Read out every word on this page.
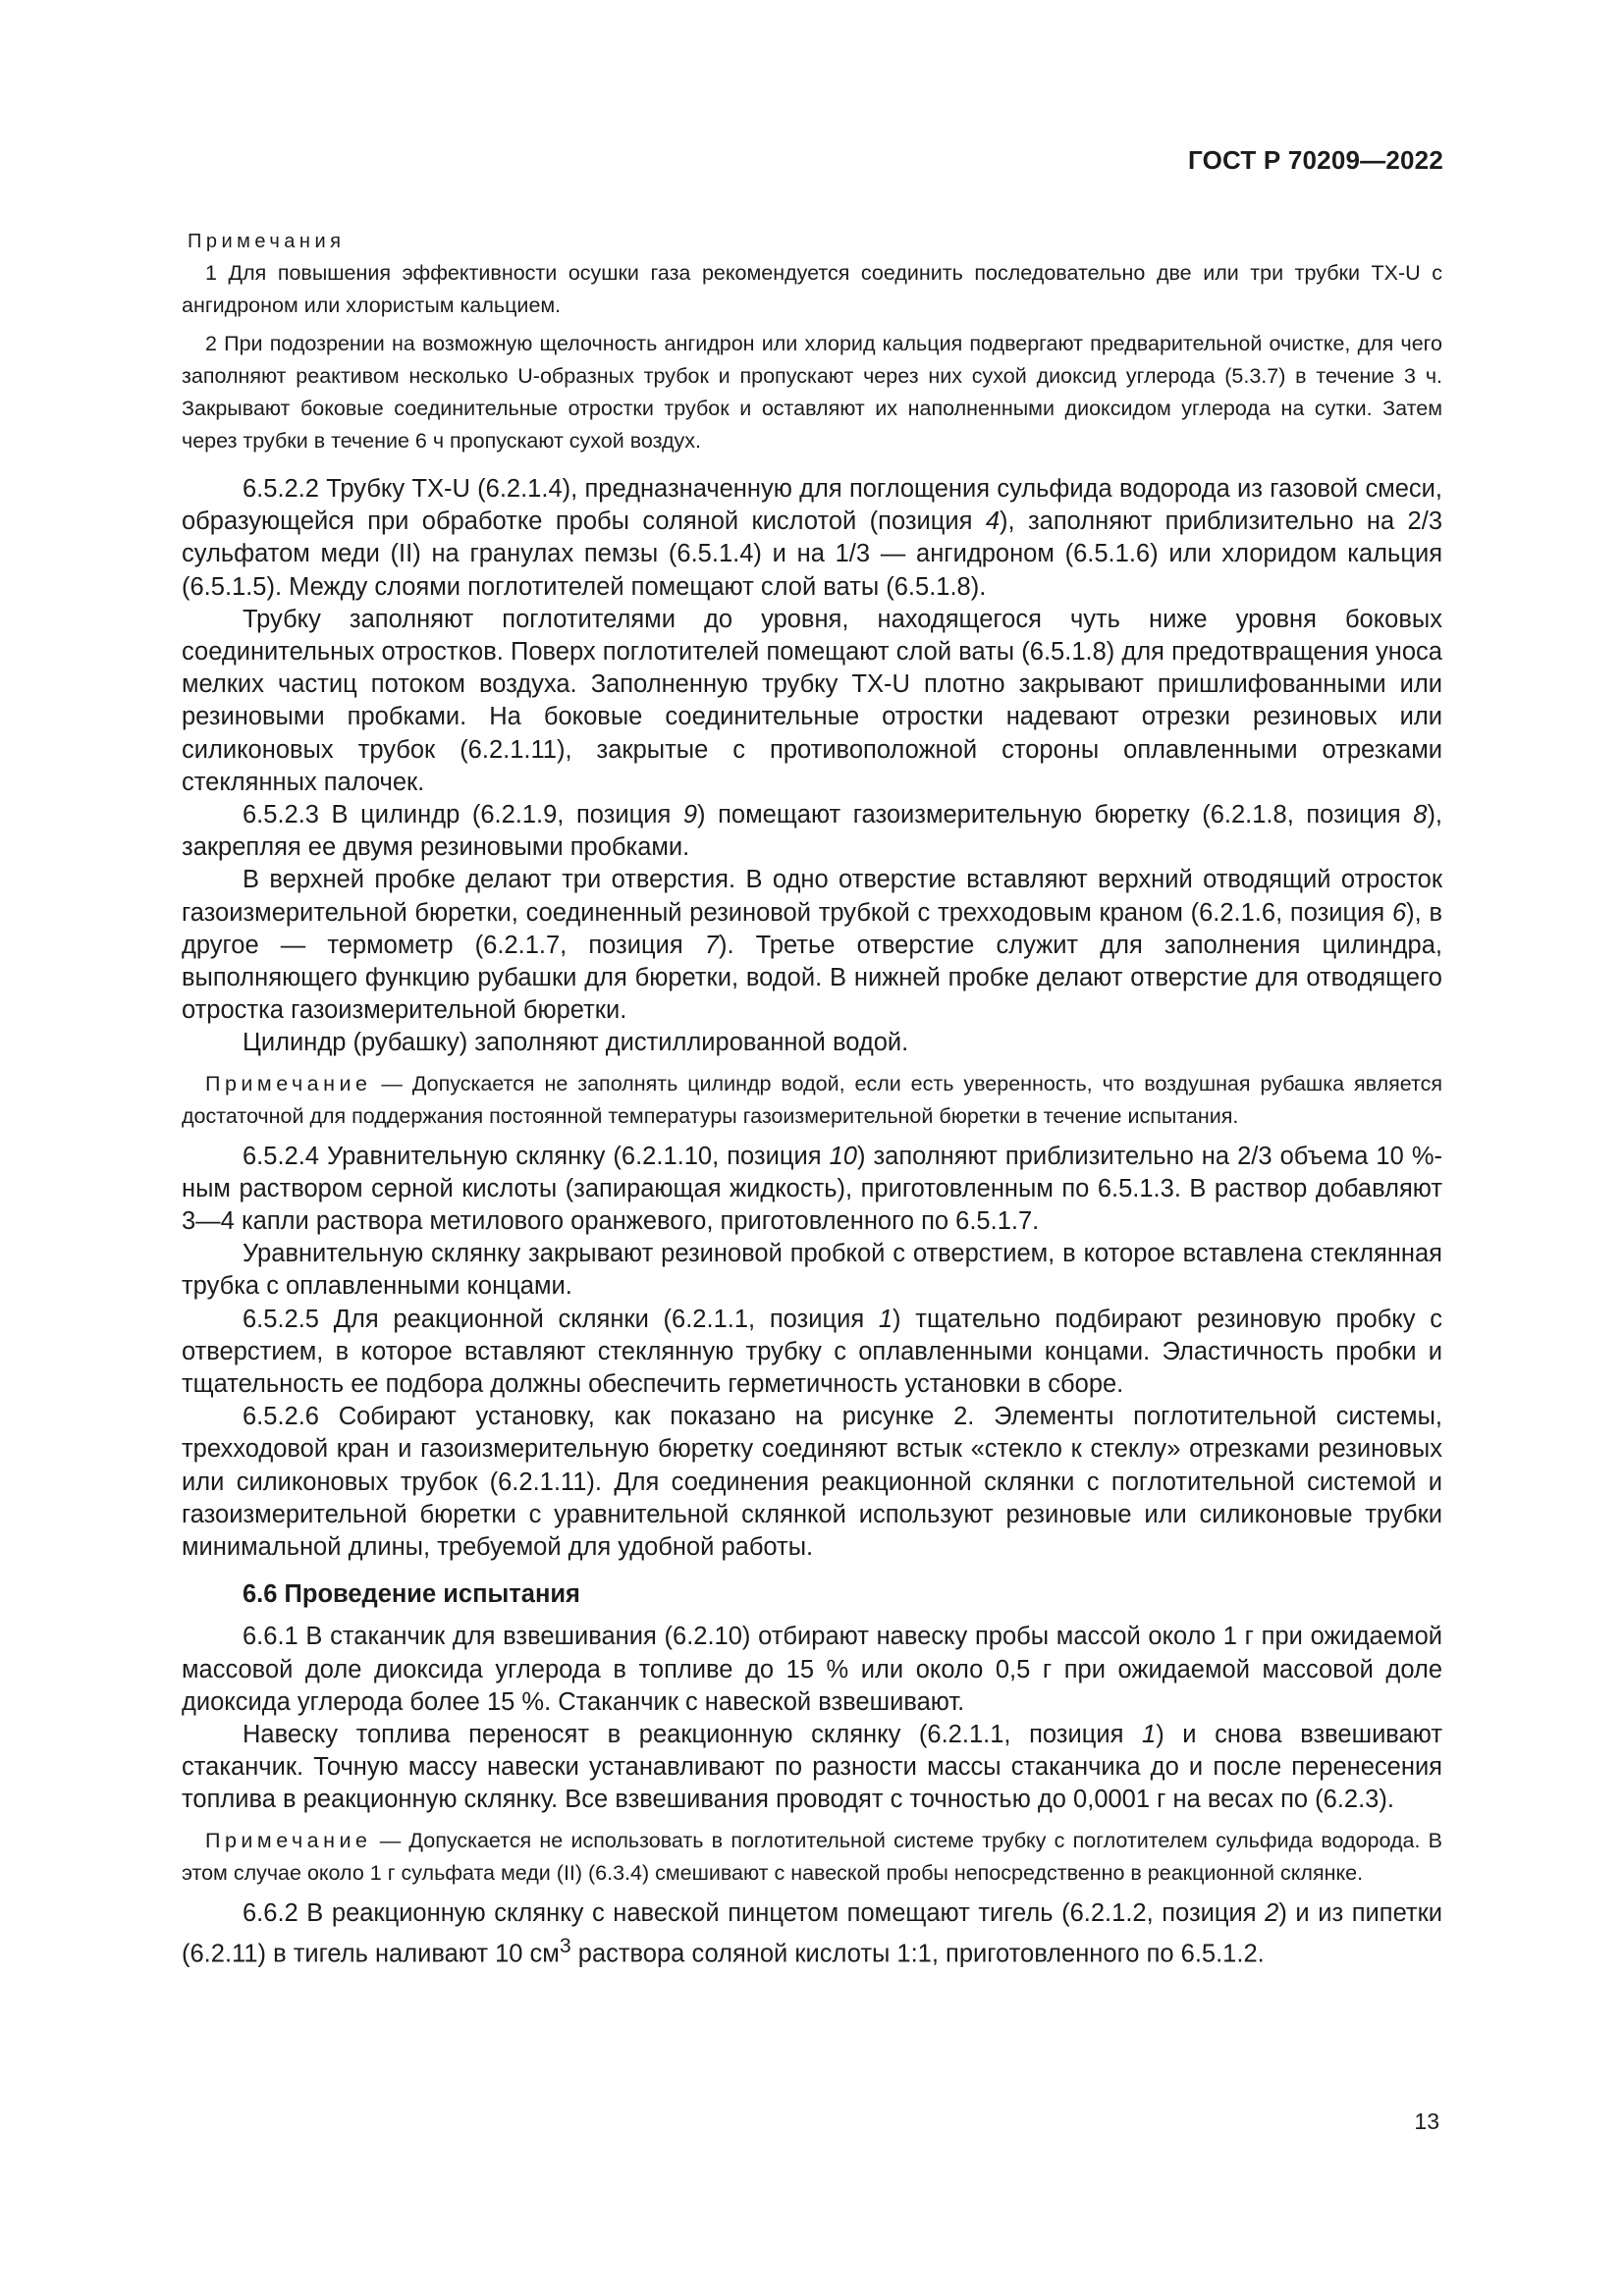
ГОСТ Р 70209—2022
Примечания

1 Для повышения эффективности осушки газа рекомендуется соединить последовательно две или три трубки TX-U с ангидроном или хлористым кальцием.

2 При подозрении на возможную щелочность ангидрон или хлорид кальция подвергают предварительной очистке, для чего заполняют реактивом несколько U-образных трубок и пропускают через них сухой диоксид углерода (5.3.7) в течение 3 ч. Закрывают боковые соединительные отростки трубок и оставляют их наполненными диоксидом углерода на сутки. Затем через трубки в течение 6 ч пропускают сухой воздух.

6.5.2.2 Трубку TX-U (6.2.1.4), предназначенную для поглощения сульфида водорода из газовой смеси, образующейся при обработке пробы соляной кислотой (позиция 4), заполняют приблизительно на 2/3 сульфатом меди (II) на гранулах пемзы (6.5.1.4) и на 1/3 — ангидроном (6.5.1.6) или хлоридом кальция (6.5.1.5). Между слоями поглотителей помещают слой ваты (6.5.1.8).

Трубку заполняют поглотителями до уровня, находящегося чуть ниже уровня боковых соединительных отростков. Поверх поглотителей помещают слой ваты (6.5.1.8) для предотвращения уноса мелких частиц потоком воздуха. Заполненную трубку TX-U плотно закрывают пришлифованными или резиновыми пробками. На боковые соединительные отростки надевают отрезки резиновых или силиконовых трубок (6.2.1.11), закрытые с противоположной стороны оплавленными отрезками стеклянных палочек.

6.5.2.3 В цилиндр (6.2.1.9, позиция 9) помещают газоизмерительную бюретку (6.2.1.8, позиция 8), закрепляя ее двумя резиновыми пробками.

В верхней пробке делают три отверстия. В одно отверстие вставляют верхний отводящий отросток газоизмерительной бюретки, соединенный резиновой трубкой с трехходовым краном (6.2.1.6, позиция 6), в другое — термометр (6.2.1.7, позиция 7). Третье отверстие служит для заполнения цилиндра, выполняющего функцию рубашки для бюретки, водой. В нижней пробке делают отверстие для отводящего отростка газоизмерительной бюретки.

Цилиндр (рубашку) заполняют дистиллированной водой.

Примечание — Допускается не заполнять цилиндр водой, если есть уверенность, что воздушная рубашка является достаточной для поддержания постоянной температуры газоизмерительной бюретки в течение испытания.

6.5.2.4 Уравнительную склянку (6.2.1.10, позиция 10) заполняют приблизительно на 2/3 объема 10 %-ным раствором серной кислоты (запирающая жидкость), приготовленным по 6.5.1.3. В раствор добавляют 3—4 капли раствора метилового оранжевого, приготовленного по 6.5.1.7.

Уравнительную склянку закрывают резиновой пробкой с отверстием, в которое вставлена стеклянная трубка с оплавленными концами.

6.5.2.5 Для реакционной склянки (6.2.1.1, позиция 1) тщательно подбирают резиновую пробку с отверстием, в которое вставляют стеклянную трубку с оплавленными концами. Эластичность пробки и тщательность ее подбора должны обеспечить герметичность установки в сборе.

6.5.2.6 Собирают установку, как показано на рисунке 2. Элементы поглотительной системы, трехходовой кран и газоизмерительную бюретку соединяют встык «стекло к стеклу» отрезками резиновых или силиконовых трубок (6.2.1.11). Для соединения реакционной склянки с поглотительной системой и газоизмерительной бюретки с уравнительной склянкой используют резиновые или силиконовые трубки минимальной длины, требуемой для удобной работы.

6.6 Проведение испытания

6.6.1 В стаканчик для взвешивания (6.2.10) отбирают навеску пробы массой около 1 г при ожидаемой массовой доле диоксида углерода в топливе до 15 % или около 0,5 г при ожидаемой массовой доле диоксида углерода более 15 %. Стаканчик с навеской взвешивают.

Навеску топлива переносят в реакционную склянку (6.2.1.1, позиция 1) и снова взвешивают стаканчик. Точную массу навески устанавливают по разности массы стаканчика до и после перенесения топлива в реакционную склянку. Все взвешивания проводят с точностью до 0,0001 г на весах по (6.2.3).

Примечание — Допускается не использовать в поглотительной системе трубку с поглотителем сульфида водорода. В этом случае около 1 г сульфата меди (II) (6.3.4) смешивают с навеской пробы непосредственно в реакционной склянке.

6.6.2 В реакционную склянку с навеской пинцетом помещают тигель (6.2.1.2, позиция 2) и из пипетки (6.2.11) в тигель наливают 10 $см^3$ раствора соляной кислоты 1:1, приготовленного по 6.5.1.2.

13
